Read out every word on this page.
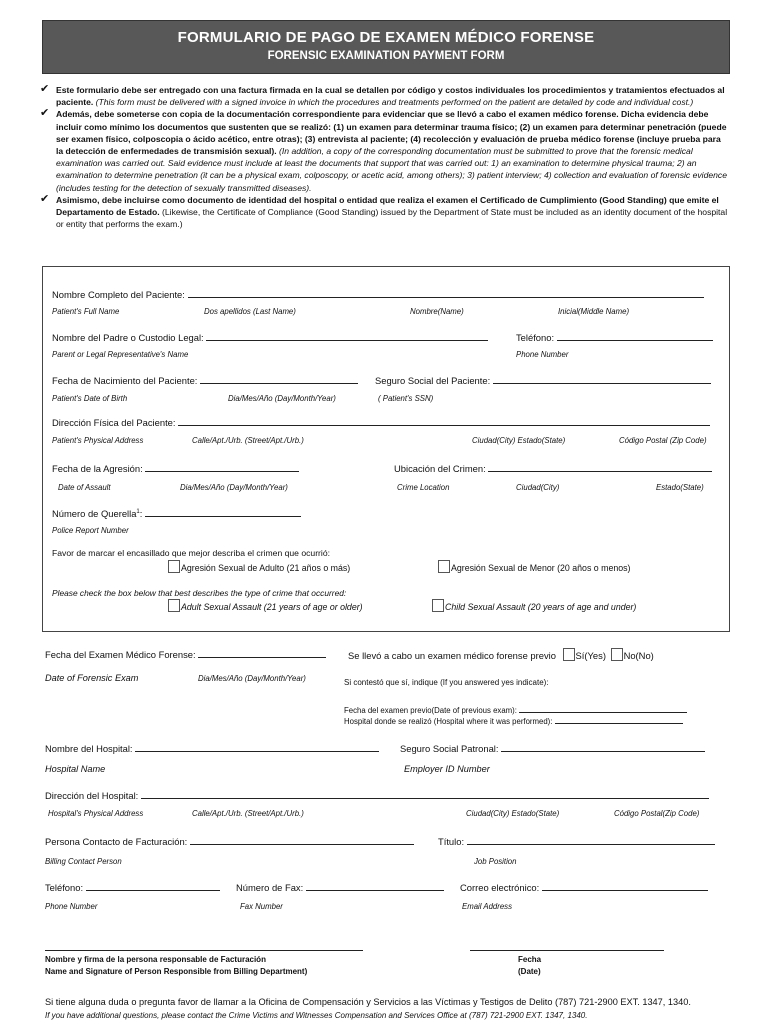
FORMULARIO DE PAGO DE EXAMEN MÉDICO FORENSE
FORENSIC EXAMINATION PAYMENT FORM
✔ Este formulario debe ser entregado con una factura firmada en la cual se detallen por código y costos individuales los procedimientos y tratamientos efectuados al paciente. (This form must be delivered with a signed invoice in which the procedures and treatments performed on the patient are detailed by code and individual cost.)
✔ Además, debe someterse con copia de la documentación correspondiente para evidenciar que se llevó a cabo el examen médico forense. Dicha evidencia debe incluir como mínimo los documentos que sustenten que se realizó: (1) un examen para determinar trauma físico; (2) un examen para determinar penetración (puede ser examen físico, colposcopia o ácido acético, entre otras); (3) entrevista al paciente; (4) recolección y evaluación de prueba médico forense (incluye prueba para la detección de enfermedades de transmisión sexual). (In addition, a copy of the corresponding documentation must be submitted to prove that the forensic medical examination was carried out. Said evidence must include at least the documents that support that was carried out: 1) an examination to determine physical trauma; 2) an examination to determine penetration (it can be a physical exam, colposcopy, or acetic acid, among others); 3) patient interview; 4) collection and evaluation of forensic evidence (includes testing for the detection of sexually transmitted diseases).
✔ Asimismo, debe incluirse como documento de identidad del hospital o entidad que realiza el examen el Certificado de Cumplimiento (Good Standing) que emite el Departamento de Estado. (Likewise, the Certificate of Compliance (Good Standing) issued by the Department of State must be included as an identity document of the hospital or entity that performs the exam.)
Nombre Completo del Paciente:
Patient's Full Name	Dos apellidos (Last Name)	Nombre(Name)	Inicial(Middle Name)
Nombre del Padre o Custodio Legal:	Teléfono:
Parent or Legal Representative's Name	Phone Number
Fecha de Nacimiento del Paciente:	Seguro Social del Paciente:
Patient's Date of Birth	Dia/Mes/Año (Day/Month/Year)	( Patient's SSN)
Dirección Física del Paciente:
Patient's Physical Address	Calle/Apt./Urb. (Street/Apt./Urb.)	Ciudad(City) Estado(State)	Código Postal (Zip Code)
Fecha de la Agresión:	Ubicación del Crimen:
Date of Assault	Dia/Mes/Año (Day/Month/Year)	Crime Location	Ciudad(City)	Estado(State)
Número de Querella$^1$:
Police Report Number
Favor de marcar el encasillado que mejor describa el crimen que ocurrió:
Agresión Sexual de Adulto (21 años o más)	Agresión Sexual de Menor (20 años o menos)
Please check the box below that best describes the type of crime that occurred:
Adult Sexual Assault (21 years of age or older)	Child Sexual Assault (20 years of age and under)
Fecha del Examen Médico Forense:	Se llevó a cabo un examen médico forense previo Sí(Yes) No(No)
Date of Forensic Exam	Dia/Mes/Año (Day/Month/Year)	Si contestó que sí, indique (If you answered yes indicate):
Fecha del examen previo(Date of previous exam):
Hospital donde se realizó (Hospital where it was performed):
Nombre del Hospital:	Seguro Social Patronal:
Hospital Name	Employer ID Number
Dirección del Hospital:
Hospital's Physical Address	Calle/Apt./Urb. (Street/Apt./Urb.)	Ciudad(City) Estado(State)	Código Postal(Zip Code)
Persona Contacto de Facturación:	Título:
Billing Contact Person	Job Position
Teléfono:	Número de Fax:	Correo electrónico:
Phone Number	Fax Number	Email Address
Nombre y firma de la persona responsable de Facturación
Name and Signature of Person Responsible from Billing Department)
Fecha
(Date)
Si tiene alguna duda o pregunta favor de llamar a la Oficina de Compensación y Servicios a las Víctimas y Testigos de Delito (787) 721-2900 EXT. 1347, 1340.
If you have additional questions, please contact the Crime Victims and Witnesses Compensation and Services Office at (787) 721-2900 EXT. 1347, 1340.
